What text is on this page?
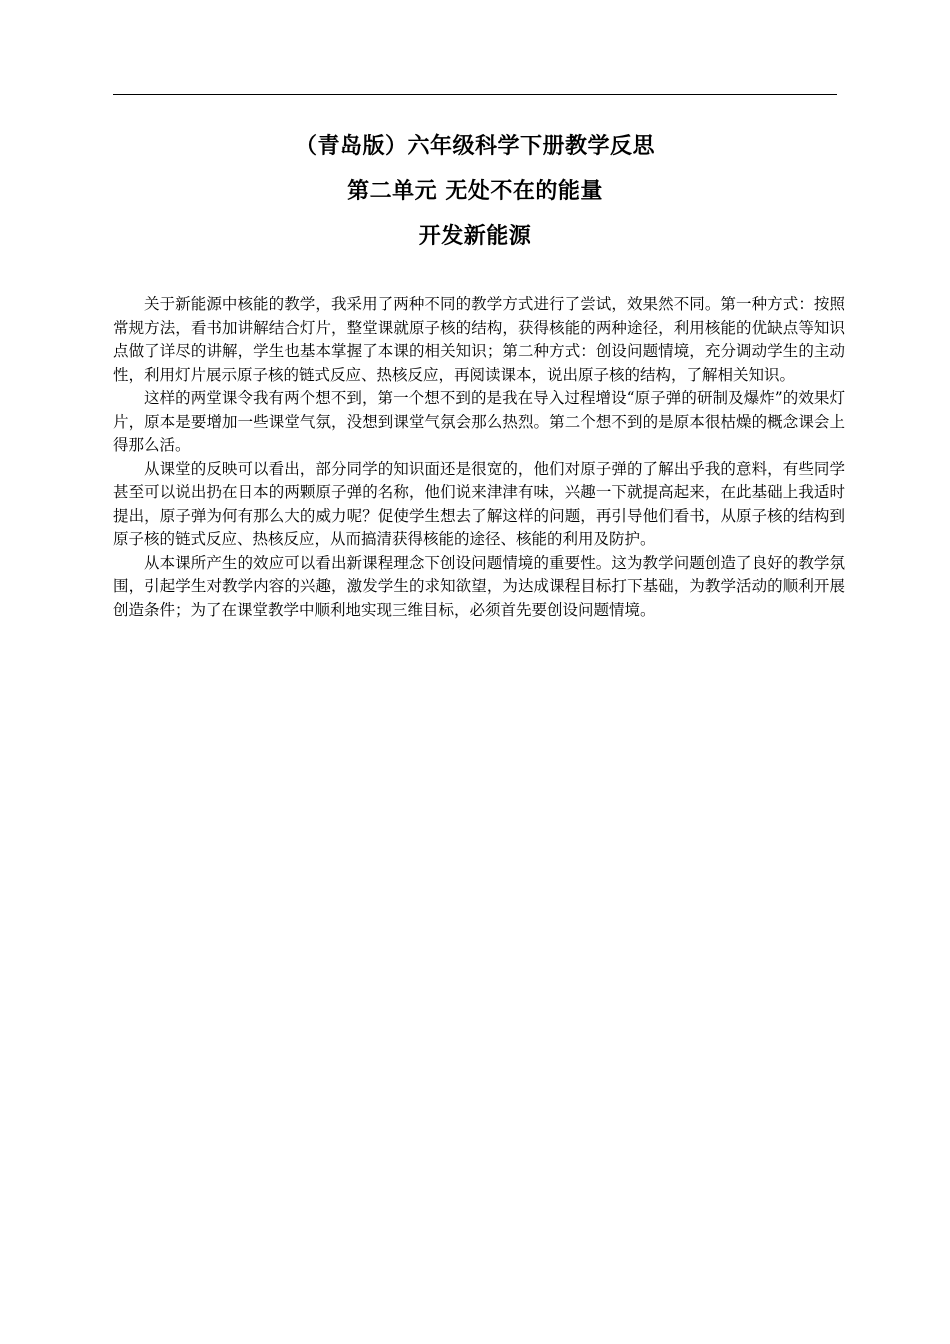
（青岛版）六年级科学下册教学反思
第二单元 无处不在的能量
开发新能源

关于新能源中核能的教学，我采用了两种不同的教学方式进行了尝试，效果然不同。第一种方式：按照常规方法，看书加讲解结合灯片，整堂课就原子核的结构，获得核能的两种途径，利用核能的优缺点等知识点做了详尽的讲解，学生也基本掌握了本课的相关知识；第二种方式：创设问题情境，充分调动学生的主动性，利用灯片展示原子核的链式反应、热核反应，再阅读课本，说出原子核的结构，了解相关知识。

这样的两堂课令我有两个想不到，第一个想不到的是我在导入过程增设“原子弹的研制及爆炸”的效果灯片，原本是要增加一些课堂气氛，没想到课堂气氛会那么热烈。第二个想不到的是原本很枯燥的概念课会上得那么活。

从课堂的反映可以看出，部分同学的知识面还是很宽的，他们对原子弹的了解出乎我的意料，有些同学甚至可以说出扔在日本的两颗原子弹的名称，他们说来津津有味，兴趣一下就提高起来，在此基础上我适时提出，原子弹为何有那么大的威力呢？促使学生想去了解这样的问题，再引导他们看书，从原子核的结构到原子核的链式反应、热核反应，从而搞清获得核能的途径、核能的利用及防护。

从本课所产生的效应可以看出新课程理念下创设问题情境的重要性。这为教学问题创造了良好的教学氛围，引起学生对教学内容的兴趣，激发学生的求知欲望，为达成课程目标打下基础，为教学活动的顺利开展创造条件；为了在课堂教学中顺利地实现三维目标，必须首先要创设问题情境。
